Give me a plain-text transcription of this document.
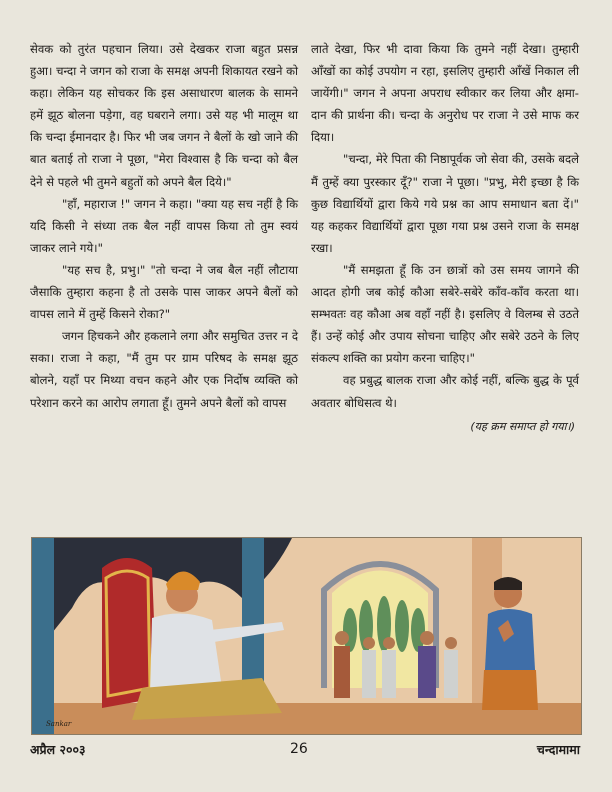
सेवक को तुरंत पहचान लिया। उसे देखकर राजा बहुत प्रसन्न हुआ। चन्दा ने जगन को राजा के समक्ष अपनी शिकायत रखने को कहा। लेकिन यह सोचकर कि इस असाधारण बालक के सामने हमें झूठ बोलना पड़ेगा, वह घबराने लगा। उसे यह भी मालूम था कि चन्दा ईमानदार है। फिर भी जब जगन ने बैलों के खो जाने की बात बताई तो राजा ने पूछा, "मेरा विश्वास है कि चन्दा को बैल देने से पहले भी तुमने बहुतों को अपने बैल दिये।"

"हाँ, महाराज !" जगन ने कहा। "क्या यह सच नहीं है कि यदि किसी ने संध्या तक बैल नहीं वापस किया तो तुम स्वयं जाकर लाने गये।"

"यह सच है, प्रभु।" "तो चन्दा ने जब बैल नहीं लौटाया जैसाकि तुम्हारा कहना है तो उसके पास जाकर अपने बैलों को वापस लाने में तुम्हें किसने रोका?"

जगन हिचकने और हकलाने लगा और समुचित उत्तर न दे सका। राजा ने कहा, "मैं तुम पर ग्राम परिषद के समक्ष झूठ बोलने, यहाँ पर मिथ्या वचन कहने और एक निर्दोष व्यक्ति को परेशान करने का आरोप लगाता हूँ। तुमने अपने बैलों को वापस

लाते देखा, फिर भी दावा किया कि तुमने नहीं देखा। तुम्हारी आँखों का कोई उपयोग न रहा, इसलिए तुम्हारी आँखें निकाल ली जायेंगी।" जगन ने अपना अपराध स्वीकार कर लिया और क्षमा-दान की प्रार्थना की। चन्दा के अनुरोध पर राजा ने उसे माफ कर दिया।

"चन्दा, मेरे पिता की निष्ठापूर्वक जो सेवा की, उसके बदले मैं तुम्हें क्या पुरस्कार दूँ?" राजा ने पूछा। "प्रभु, मेरी इच्छा है कि कुछ विद्यार्थियों द्वारा किये गये प्रश्न का आप समाधान बता दें।" यह कहकर विद्यार्थियों द्वारा पूछा गया प्रश्न उसने राजा के समक्ष रखा।

"मैं समझता हूँ कि उन छात्रों को उस समय जागने की आदत होगी जब कोई कौआ सबेरे-सबेरे काँव-काँव करता था। सम्भवतः वह कौआ अब वहाँ नहीं है। इसलिए वे विलम्ब से उठते हैं। उन्हें कोई और उपाय सोचना चाहिए और सबेरे उठने के लिए संकल्प शक्ति का प्रयोग करना चाहिए।"

वह प्रबुद्ध बालक राजा और कोई नहीं, बल्कि बुद्ध के पूर्व अवतार बोधिसत्व थे।

(यह क्रम समाप्त हो गया।)
Sankar
अप्रैल २००३	26	चन्दामामा
